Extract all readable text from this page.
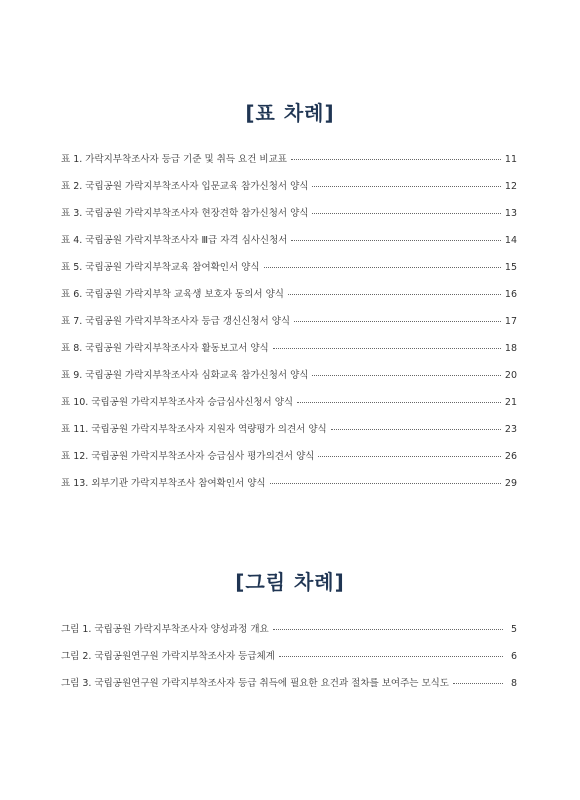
[표 차례]
표 1. 가락지부착조사자 등급 기준 및 취득 요건 비교표	11
표 2. 국립공원 가락지부착조사자 입문교육 참가신청서 양식	12
표 3. 국립공원 가락지부착조사자 현장견학 참가신청서 양식	13
표 4. 국립공원 가락지부착조사자 Ⅲ급 자격 심사신청서	14
표 5. 국립공원 가락지부착교육 참여확인서 양식	15
표 6. 국립공원 가락지부착 교육생 보호자 동의서 양식	16
표 7. 국립공원 가락지부착조사자 등급 갱신신청서 양식	17
표 8. 국립공원 가락지부착조사자 활동보고서 양식	18
표 9. 국립공원 가락지부착조사자 심화교육 참가신청서 양식	20
표 10. 국립공원 가락지부착조사자 승급심사신청서 양식	21
표 11. 국립공원 가락지부착조사자 지원자 역량평가 의견서 양식	23
표 12. 국립공원 가락지부착조사자 승급심사 평가의견서 양식	26
표 13. 외부기관 가락지부착조사 참여확인서 양식	29
[그림 차례]
그림 1. 국립공원 가락지부착조사자 양성과정 개요	5
그림 2. 국립공원연구원 가락지부착조사자 등급체계	6
그림 3. 국립공원연구원 가락지부착조사자 등급 취득에 필요한 요건과 절차를 보여주는 모식도	8
